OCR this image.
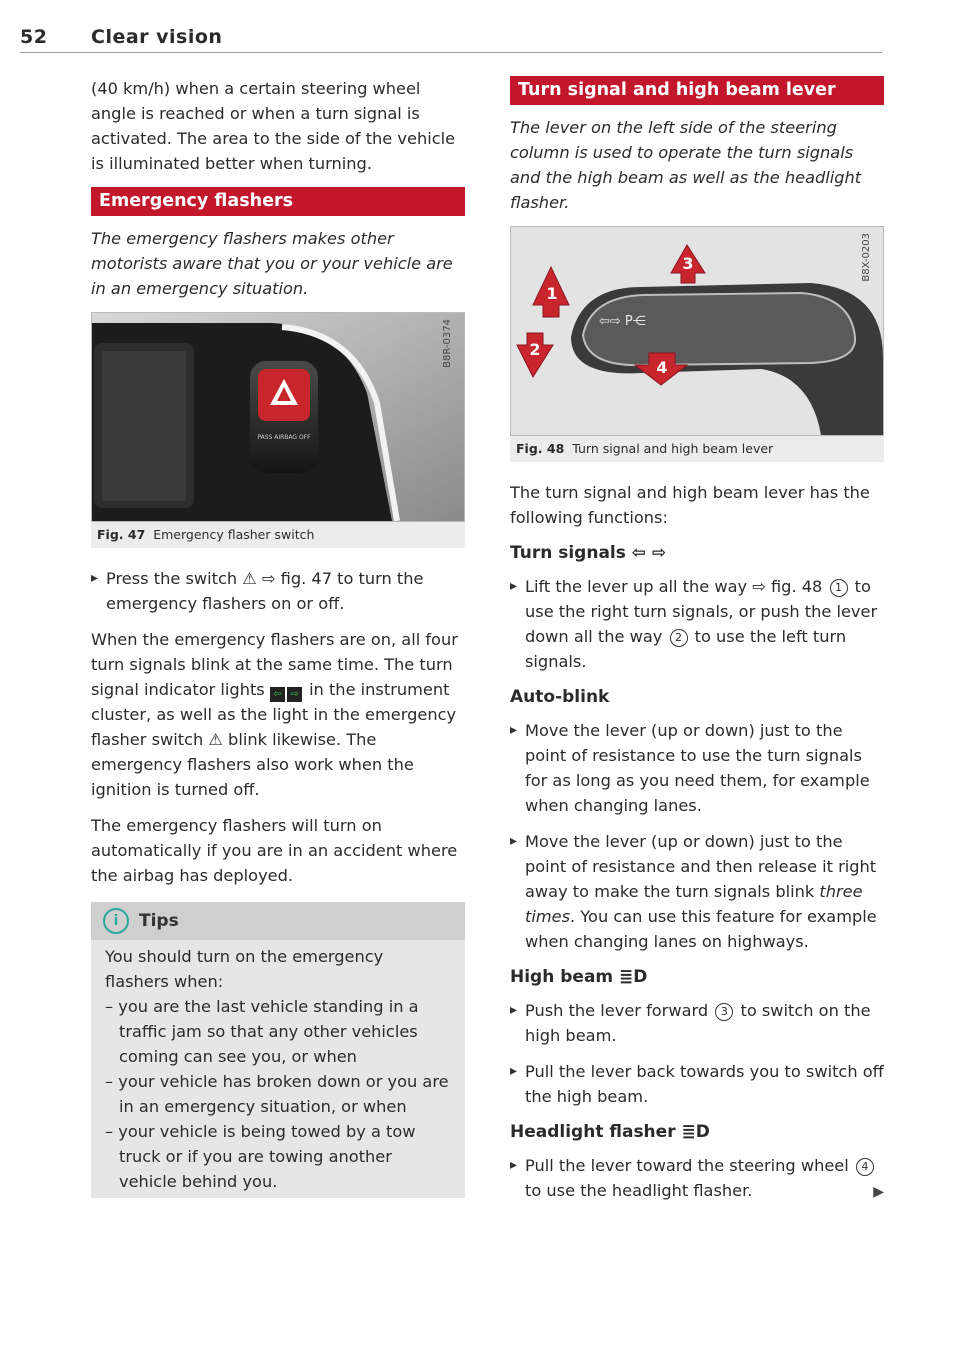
52 Clear vision

(40 km/h) when a certain steering wheel angle is reached or when a turn signal is activated. The area to the side of the vehicle is illuminated better when turning.

Emergency flashers

The emergency flashers makes other motorists aware that you or your vehicle are in an emergency situation.

PASS AIRBAG OFF
B8R-0374
Fig. 47 Emergency flasher switch

▸ Press the switch ⚠ ⇨ fig. 47 to turn the emergency flashers on or off.

When the emergency flashers are on, all four turn signals blink at the same time. The turn signal indicator lights ⇦ ⇨ in the instrument cluster, as well as the light in the emergency flasher switch ⚠ blink likewise. The emergency flashers also work when the ignition is turned off.

The emergency flashers will turn on automatically if you are in an accident where the airbag has deployed.

i Tips
You should turn on the emergency flashers when:
– you are the last vehicle standing in a traffic jam so that any other vehicles coming can see you, or when
– your vehicle has broken down or you are in an emergency situation, or when
– your vehicle is being towed by a tow truck or if you are towing another vehicle behind you.
Turn signal and high beam lever

The lever on the left side of the steering column is used to operate the turn signals and the high beam as well as the headlight flasher.

⇦⇨ P⋲
1
2
3
4
B8X-0203
Fig. 48 Turn signal and high beam lever

The turn signal and high beam lever has the following functions:

Turn signals ⇦ ⇨

▸ Lift the lever up all the way ⇨ fig. 48 1 to use the right turn signals, or push the lever down all the way 2 to use the left turn signals.

Auto-blink

▸ Move the lever (up or down) just to the point of resistance to use the turn signals for as long as you need them, for example when changing lanes.

▸ Move the lever (up or down) just to the point of resistance and then release it right away to make the turn signals blink three times. You can use this feature for example when changing lanes on highways.

High beam ≣D

▸ Push the lever forward 3 to switch on the high beam.

▸ Pull the lever back towards you to switch off the high beam.

Headlight flasher ≣D

▸ Pull the lever toward the steering wheel 4 to use the headlight flasher.	▶
